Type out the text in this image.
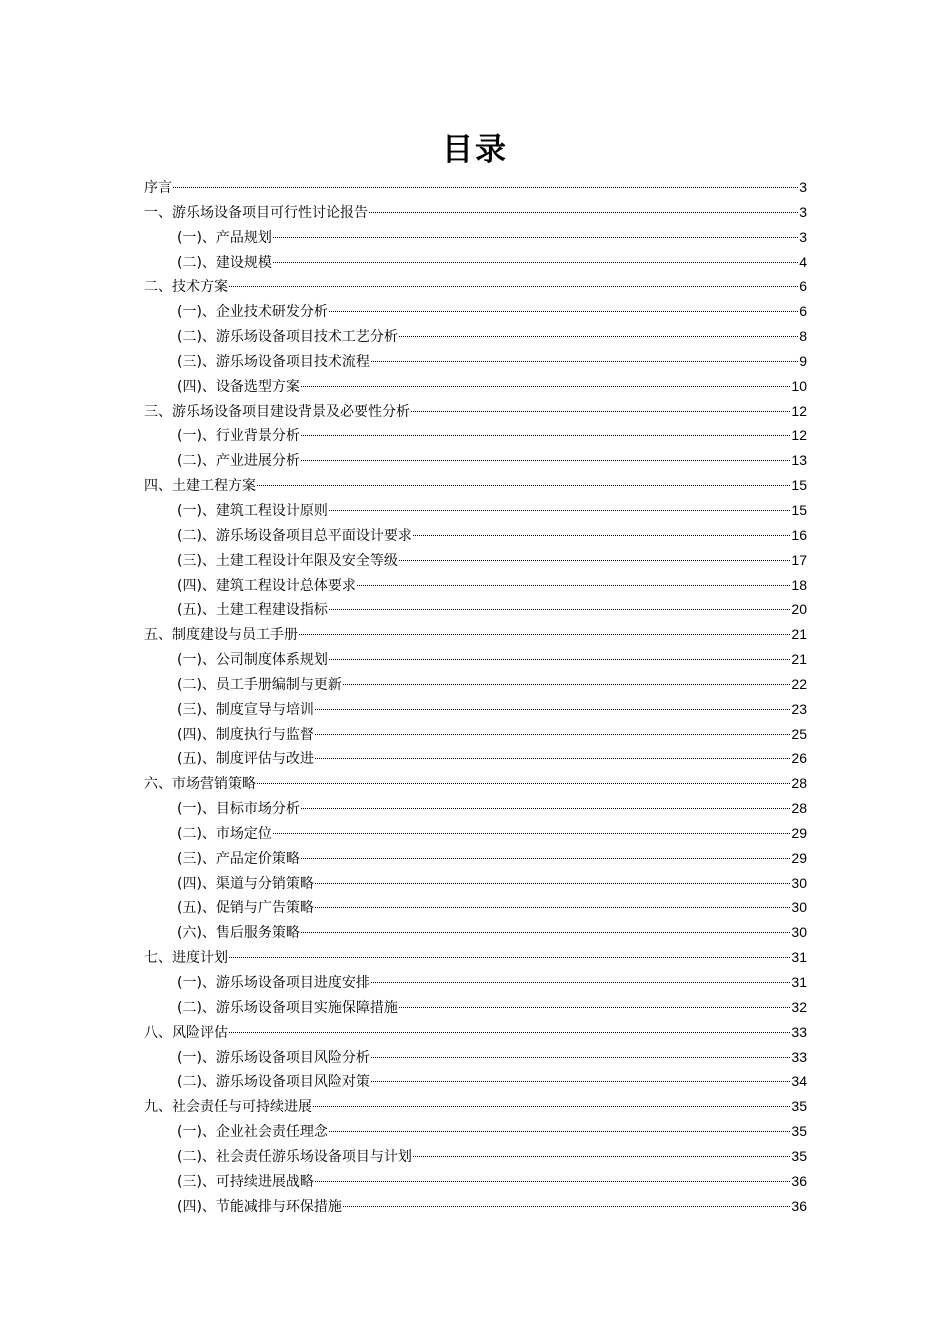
目录
序言	3
一、游乐场设备项目可行性讨论报告	3
(一)、产品规划	3
(二)、建设规模	4
二、技术方案	6
(一)、企业技术研发分析	6
(二)、游乐场设备项目技术工艺分析	8
(三)、游乐场设备项目技术流程	9
(四)、设备选型方案	10
三、游乐场设备项目建设背景及必要性分析	12
(一)、行业背景分析	12
(二)、产业进展分析	13
四、土建工程方案	15
(一)、建筑工程设计原则	15
(二)、游乐场设备项目总平面设计要求	16
(三)、土建工程设计年限及安全等级	17
(四)、建筑工程设计总体要求	18
(五)、土建工程建设指标	20
五、制度建设与员工手册	21
(一)、公司制度体系规划	21
(二)、员工手册编制与更新	22
(三)、制度宣导与培训	23
(四)、制度执行与监督	25
(五)、制度评估与改进	26
六、市场营销策略	28
(一)、目标市场分析	28
(二)、市场定位	29
(三)、产品定价策略	29
(四)、渠道与分销策略	30
(五)、促销与广告策略	30
(六)、售后服务策略	30
七、进度计划	31
(一)、游乐场设备项目进度安排	31
(二)、游乐场设备项目实施保障措施	32
八、风险评估	33
(一)、游乐场设备项目风险分析	33
(二)、游乐场设备项目风险对策	34
九、社会责任与可持续进展	35
(一)、企业社会责任理念	35
(二)、社会责任游乐场设备项目与计划	35
(三)、可持续进展战略	36
(四)、节能减排与环保措施	36
